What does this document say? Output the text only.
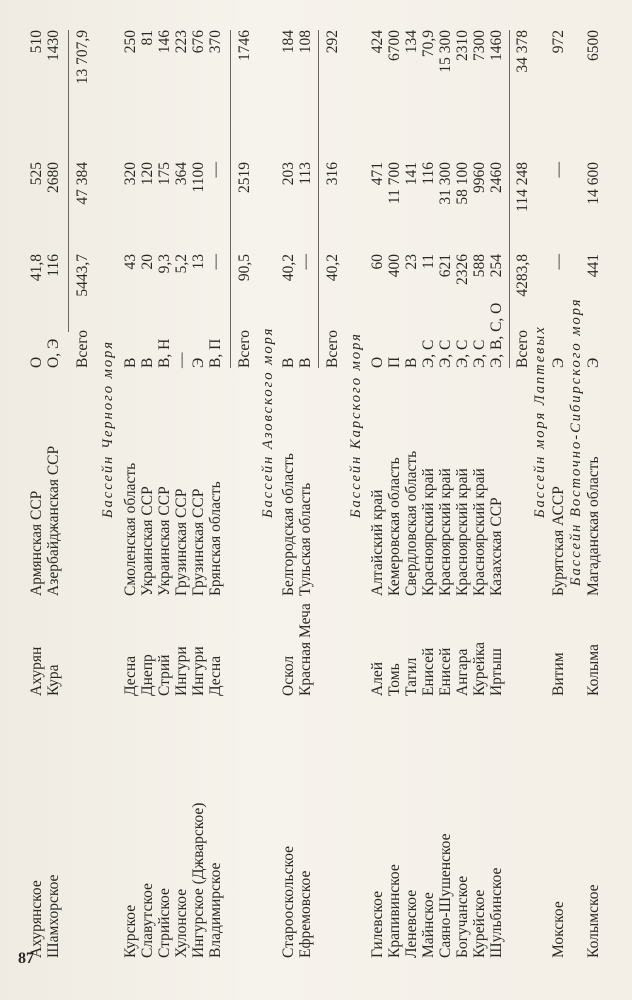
Ахурянское
Ахурян
Армянская ССР
О
41,8
525
510
Шамхорское
Кура
Азербайджанская ССР
О, Э
116
2680
1430
Всего
5443,7
47 384
13 707,9
Бассейн Черного моря
Курское
Десна
Смоленская область
В
43
320
250
Славутское
Днепр
Украинская ССР
В
20
120
81
Стрийское
Стрий
Украинская ССР
В, Н
9,3
175
146
Хулонское
Ингури
Грузинская ССР
—
5,2
364
223
Ингурское (Джварское)
Ингури
Грузинская ССР
Э
13
1100
676
Владимирское
Десна
Брянская область
В, П
—
—
370
Всего
90,5
2519
1746
Бассейн Азовского моря
Старооскольское
Оскол
Белгородская область
В
40,2
203
184
Ефремовское
Красная Меча
Тульская область
В
—
113
108
Всего
40,2
316
292
Бассейн Карского моря
Гилевское
Алей
Алтайский край
О
60
471
424
Крапивинское
Томь
Кемеровская область
П
400
11 700
6700
Леневское
Тагил
Свердловская область
В
23
141
134
Майнское
Енисей
Красноярский край
Э, С
11
116
70,9
Саяно-Шушенское
Енисей
Красноярский край
Э, С
621
31 300
15 300
Богучанское
Ангара
Красноярский край
Э, С
2326
58 100
2310
Курейское
Курейка
Красноярский край
Э, С
588
9960
7300
Шульбинское
Иртыш
Казахская ССР
Э, В, С, О
254
2460
1460
Всего
4283,8
114 248
34 378
Бассейн моря Лаптевых
Мокское
Витим
Бурятская АССР
Э
—
—
972
Бассейн Восточно-Сибирского моря
Колымское
Колыма
Магаданская область
Э
441
14 600
6500
87
